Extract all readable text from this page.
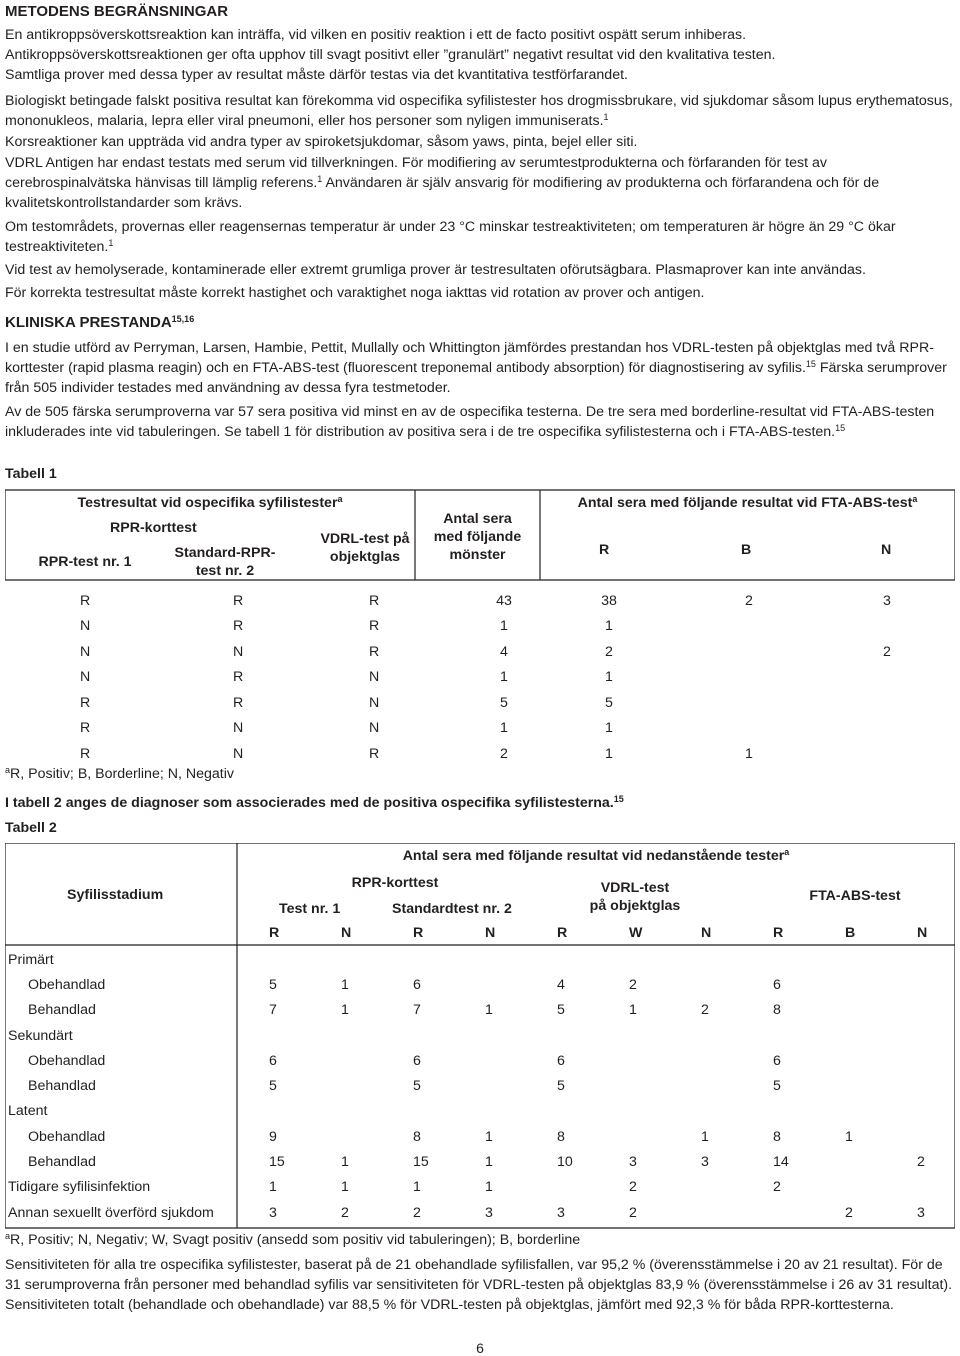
METODENS BEGRÄNSNINGAR

En antikroppsöverskottsreaktion kan inträffa, vid vilken en positiv reaktion i ett de facto positivt ospätt serum inhiberas.

Antikroppsöverskottsreaktionen ger ofta upphov till svagt positivt eller ”granulärt” negativt resultat vid den kvalitativa testen.

Samtliga prover med dessa typer av resultat måste därför testas via det kvantitativa testförfarandet.

Biologiskt betingade falskt positiva resultat kan förekomma vid ospecifika syfilistester hos drogmissbrukare, vid sjukdomar såsom lupus erythematosus, mononukleos, malaria, lepra eller viral pneumoni, eller hos personer som nyligen immuniserats.$^1$

Korsreaktioner kan uppträda vid andra typer av spiroketsjukdomar, såsom yaws, pinta, bejel eller siti.

VDRL Antigen har endast testats med serum vid tillverkningen. För modifiering av serumtestprodukterna och förfaranden för test av cerebrospinalvätska hänvisas till lämplig referens.$^1$ Användaren är själv ansvarig för modifiering av produkterna och förfarandena och för de kvalitetskontrollstandarder som krävs.

Om testområdets, provernas eller reagensernas temperatur är under 23 °C minskar testreaktiviteten; om temperaturen är högre än 29 °C ökar testreaktiviteten.$^1$

Vid test av hemolyserade, kontaminerade eller extremt grumliga prover är testresultaten oförutsägbara. Plasmaprover kan inte användas.

För korrekta testresultat måste korrekt hastighet och varaktighet noga iakttas vid rotation av prover och antigen.

KLINISKA PRESTANDA$^{15,16}$

I en studie utförd av Perryman, Larsen, Hambie, Pettit, Mullally och Whittington jämfördes prestandan hos VDRL-testen på objektglas med två RPR-korttester (rapid plasma reagin) och en FTA-ABS-test (fluorescent treponemal antibody absorption) för diagnostisering av syfilis.$^{15}$ Färska serumprover från 505 individer testades med användning av dessa fyra testmetoder.

Av de 505 färska serumproverna var 57 sera positiva vid minst en av de ospecifika testerna. De tre sera med borderline-resultat vid FTA-ABS-testen inkluderades inte vid tabuleringen. Se tabell 1 för distribution av positiva sera i de tre ospecifika syfilistesterna och i FTA-ABS-testen.$^{15}$

Tabell 1
Testresultat vid ospecifika syfilistester$^a$
RPR-korttest
RPR-test nr. 1
Standard-RPR-
test nr. 2
VDRL-test på
objektglas
Antal sera
med följande
mönster
Antal sera med följande resultat vid FTA-ABS-test$^a$
R	B	N
R	R	R	43	38	2	3
N	R	R	1	1		
N	N	R	4	2		2
N	R	N	1	1		
R	R	N	5	5		
R	N	N	1	1		
R	N	R	2	1	1	
$^a$R, Positiv; B, Borderline; N, Negativ
I tabell 2 anges de diagnoser som associerades med de positiva ospecifika syfilistesterna.$^{15}$
Tabell 2
Syfilisstadium
Antal sera med följande resultat vid nedanstående tester$^a$
RPR-korttest
Test nr. 1	Standardtest nr. 2
VDRL-test
på objektglas
FTA-ABS-test
R	N	R	N	R	W	N	R	B	N
Primärt										
Obehandlad	5	1	6		4	2		6		
Behandlad	7	1	7	1	5	1	2	8		
Sekundärt										
Obehandlad	6		6		6			6		
Behandlad	5		5		5			5		
Latent										
Obehandlad	9		8	1	8		1	8	1	
Behandlad	15	1	15	1	10	3	3	14		2
Tidigare syfilisinfektion	1	1	1	1		2		2		
Annan sexuellt överförd sjukdom	3	2	2	3	3	2			2	3
$^a$R, Positiv; N, Negativ; W, Svagt positiv (ansedd som positiv vid tabuleringen); B, borderline

Sensitiviteten för alla tre ospecifika syfilistester, baserat på de 21 obehandlade syfilisfallen, var 95,2 % (överensstämmelse i 20 av 21 resultat). För de 31 serumproverna från personer med behandlad syfilis var sensitiviteten för VDRL-testen på objektglas 83,9 % (överensstämmelse i 26 av 31 resultat). Sensitiviteten totalt (behandlade och obehandlade) var 88,5 % för VDRL-testen på objektglas, jämfört med 92,3 % för båda RPR-korttesterna.

6
